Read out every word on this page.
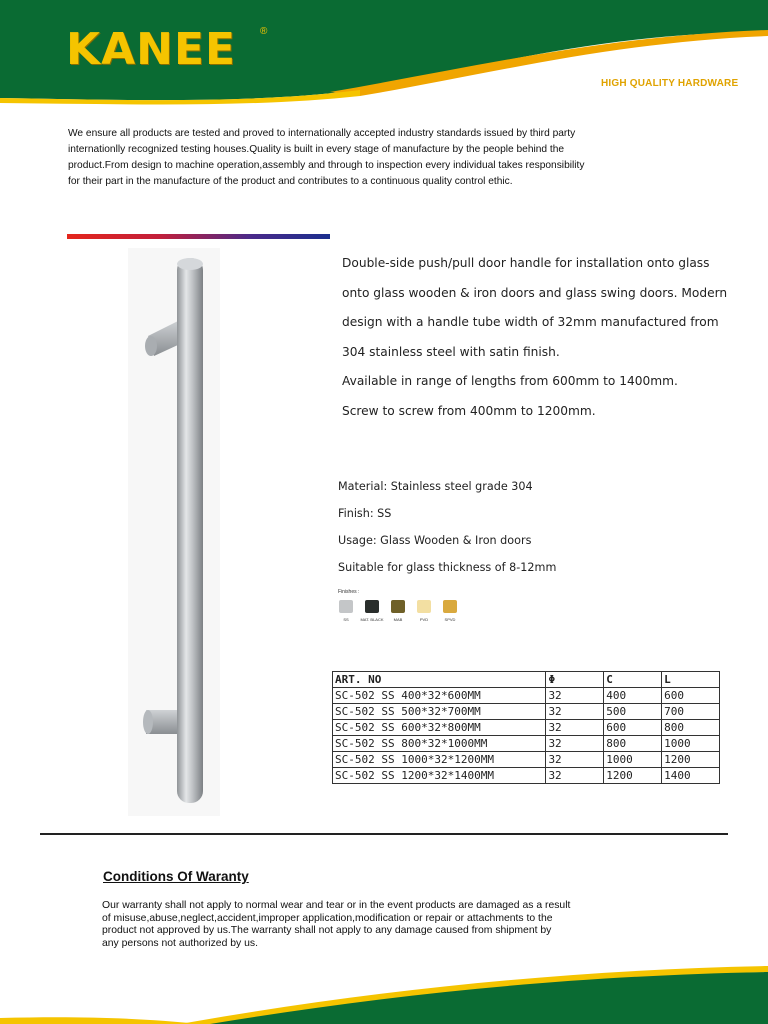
KANEE ®
HIGH QUALITY HARDWARE

We ensure all products are tested and proved to internationally accepted industry standards issued by third party

internationlly recognized testing houses.Quality is built in every stage of manufacture by the people behind the

product.From design to machine operation,assembly and through to inspection every individual takes responsibility

for their part in the manufacture of the product and contributes to a continuous quality control ethic.

Double-side push/pull door handle for installation onto glass

onto glass wooden & iron doors and glass swing doors. Modern

design with a handle tube width of 32mm manufactured from

304 stainless steel with satin finish.

Available in range of lengths from 600mm to 1400mm.

Screw to screw from 400mm to 1200mm.

Material: Stainless steel grade 304

Finish: SS

Usage: Glass Wooden & Iron doors

Suitable for glass thickness of 8-12mm

Finishes :
SS	MAT. BLACK	MAB	PVD	SPVD
ART. NO	Φ	C	L
SC-502 SS 400*32*600MM	32	400	600
SC-502 SS 500*32*700MM	32	500	700
SC-502 SS 600*32*800MM	32	600	800
SC-502 SS 800*32*1000MM	32	800	1000
SC-502 SS 1000*32*1200MM	32	1000	1200
SC-502 SS 1200*32*1400MM	32	1200	1400
Conditions Of Waranty
Our warranty shall not apply to normal wear and tear or in the event products are damaged as a result
of misuse,abuse,neglect,accident,improper application,modification or repair or attachments to the
product not approved by us.The warranty shall not apply to any damage caused from shipment by
any persons not authorized by us.
